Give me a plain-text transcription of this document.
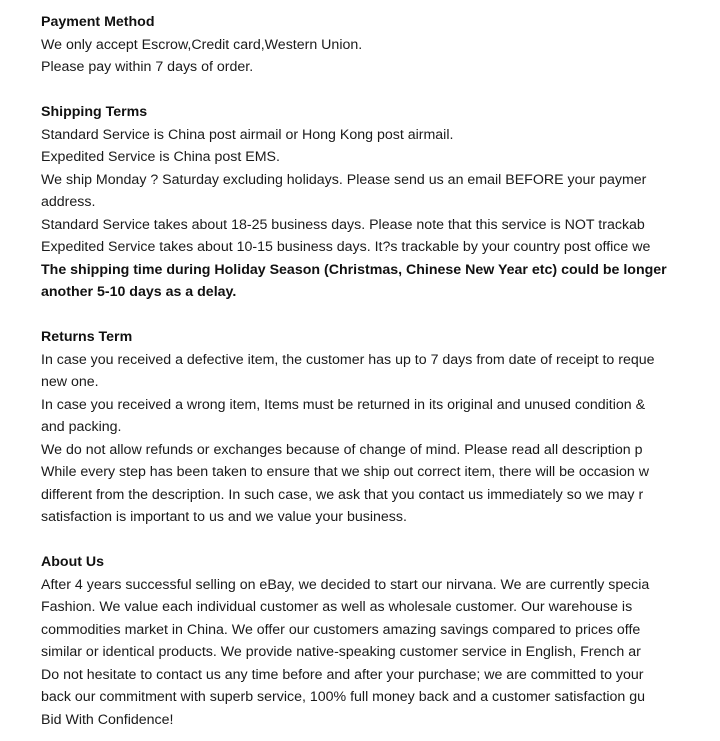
Payment Method
We only accept Escrow,Credit card,Western Union.
Please pay within 7 days of order.
Shipping Terms
Standard Service is China post airmail or Hong Kong post airmail.
Expedited Service is China post EMS.
We ship Monday ? Saturday excluding holidays. Please send us an email BEFORE your paymer
address.
Standard Service takes about 18-25 business days. Please note that this service is NOT trackab
Expedited Service takes about 10-15 business days. It?s trackable by your country post office we
The shipping time during Holiday Season (Christmas, Chinese New Year etc) could be longer
another 5-10 days as a delay.
Returns Term
In case you received a defective item, the customer has up to 7 days from date of receipt to reque
new one.
In case you received a wrong item, Items must be returned in its original and unused condition &
and packing.
We do not allow refunds or exchanges because of change of mind. Please read all description p
While every step has been taken to ensure that we ship out correct item, there will be occasion w
different from the description. In such case, we ask that you contact us immediately so we may r
satisfaction is important to us and we value your business.
About Us
After 4 years successful selling on eBay, we decided to start our nirvana. We are currently specia
Fashion. We value each individual customer as well as wholesale customer. Our warehouse is
commodities market in China. We offer our customers amazing savings compared to prices offe
similar or identical products. We provide native-speaking customer service in English, French ar
Do not hesitate to contact us any time before and after your purchase; we are committed to your
back our commitment with superb service, 100% full money back and a customer satisfaction gu
Bid With Confidence!
